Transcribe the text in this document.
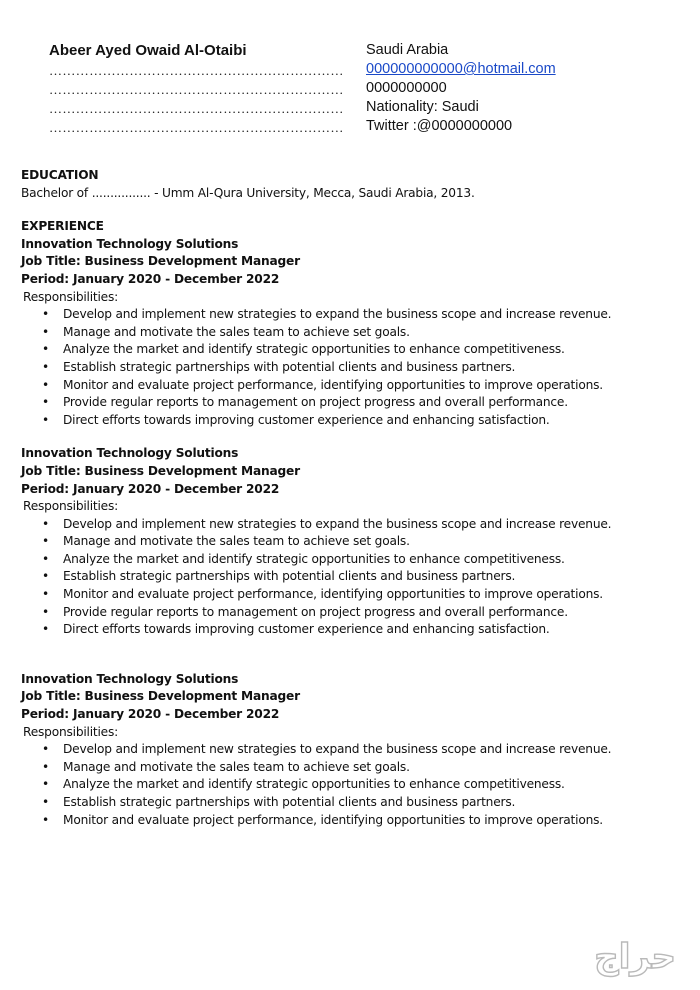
Abeer Ayed Owaid Al-Otaibi
…………………………………………………………
…………………………………………………………
…………………………………………………………
…………………………………………………………
Saudi Arabia
000000000000@hotmail.com
0000000000
Nationality: Saudi
Twitter :@0000000000
EDUCATION
Bachelor of ................ - Umm Al-Qura University, Mecca, Saudi Arabia, 2013.
EXPERIENCE
Innovation Technology Solutions
Job Title: Business Development Manager
Period: January 2020 - December 2022
Responsibilities:
• Develop and implement new strategies to expand the business scope and increase revenue.
• Manage and motivate the sales team to achieve set goals.
• Analyze the market and identify strategic opportunities to enhance competitiveness.
• Establish strategic partnerships with potential clients and business partners.
• Monitor and evaluate project performance, identifying opportunities to improve operations.
• Provide regular reports to management on project progress and overall performance.
• Direct efforts towards improving customer experience and enhancing satisfaction.
Innovation Technology Solutions
Job Title: Business Development Manager
Period: January 2020 - December 2022
Responsibilities:
• Develop and implement new strategies to expand the business scope and increase revenue.
• Manage and motivate the sales team to achieve set goals.
• Analyze the market and identify strategic opportunities to enhance competitiveness.
• Establish strategic partnerships with potential clients and business partners.
• Monitor and evaluate project performance, identifying opportunities to improve operations.
• Provide regular reports to management on project progress and overall performance.
• Direct efforts towards improving customer experience and enhancing satisfaction.
Innovation Technology Solutions
Job Title: Business Development Manager
Period: January 2020 - December 2022
Responsibilities:
• Develop and implement new strategies to expand the business scope and increase revenue.
• Manage and motivate the sales team to achieve set goals.
• Analyze the market and identify strategic opportunities to enhance competitiveness.
• Establish strategic partnerships with potential clients and business partners.
• Monitor and evaluate project performance, identifying opportunities to improve operations.
حراج
